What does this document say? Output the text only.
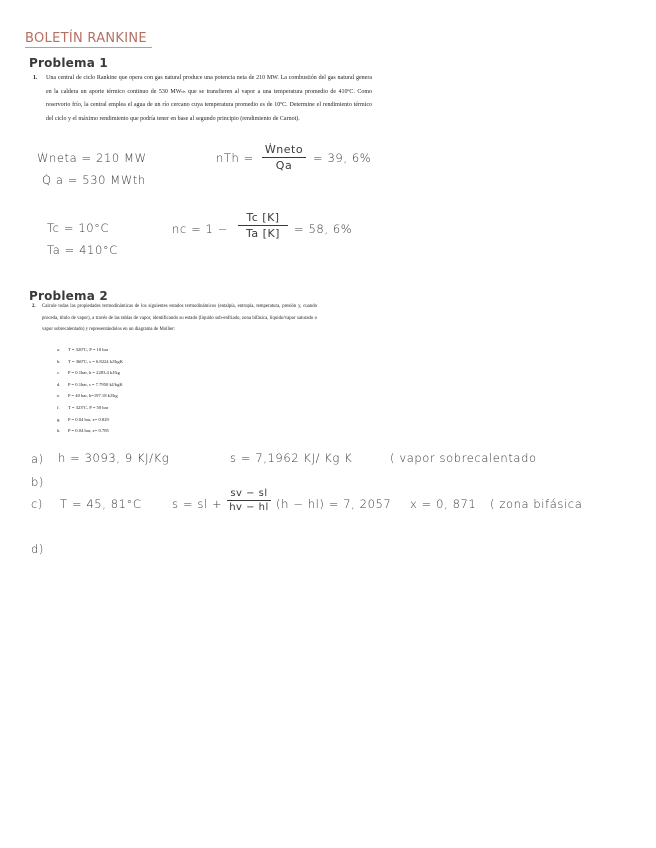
BOLETÍN RANKINE
Problema 1
1. Una central de ciclo Rankine que opera con gas natural produce una potencia neta de 210 MW. La combustión del gas natural genera en la caldera un aporte térmico continuo de 530 MWₜₕ que se transfieren al vapor a una temperatura promedio de 410ºC. Como reservorio frío, la central emplea el agua de un río cercano cuya temperatura promedio es de 10ºC. Determine el rendimiento térmico del ciclo y el máximo rendimiento que podría tener en base al segundo principio (rendimiento de Carnot).
Ẇneta = 210 MW
Q̇ a = 530 MWth
nTh =
Ẇneto
Qa
= 39, 6%
Tc = 10°C
Ta = 410°C
nc = 1 −
Tc [K]
Ta [K]	= 58, 6%
Problema 2
2. Calcule todas las propiedades termodinámicas de los siguientes estados termodinámicos (entalpía, entropía, temperatura, presión y, cuando proceda, título de vapor), a través de las tablas de vapor, identificando su estado (líquido sub-enfriado, zona bifásica, líquido/vapor saturado o vapor sobrecalentado) y representándolos en un diagrama de Mollier:
a. T = 320ºC, P = 10 bar
b. T = 360ºC, s = 6.8224 kJ/kgK
c. P = 0.1bar, h = 2283.4 kJ/kg
d. P = 0.1bar, s = 7.7950 kJ/kgK
e. P = 40 bar, h=197.18 kJ/kg
f. T = 323ºC, P = 50 bar
g. P = 0.04 bar, x= 0.829
h. P = 0.04 bar, x= 0.785
a) h = 3093, 9 KJ/Kg	s = 7,1962 KJ/ Kg K	( vapor sobrecalentado
b)
c) T = 45, 81°C	s = sl +
sv − sl
hv − hl (h − hl) = 7, 2057 x = 0, 871 ( zona bifásica
d)
